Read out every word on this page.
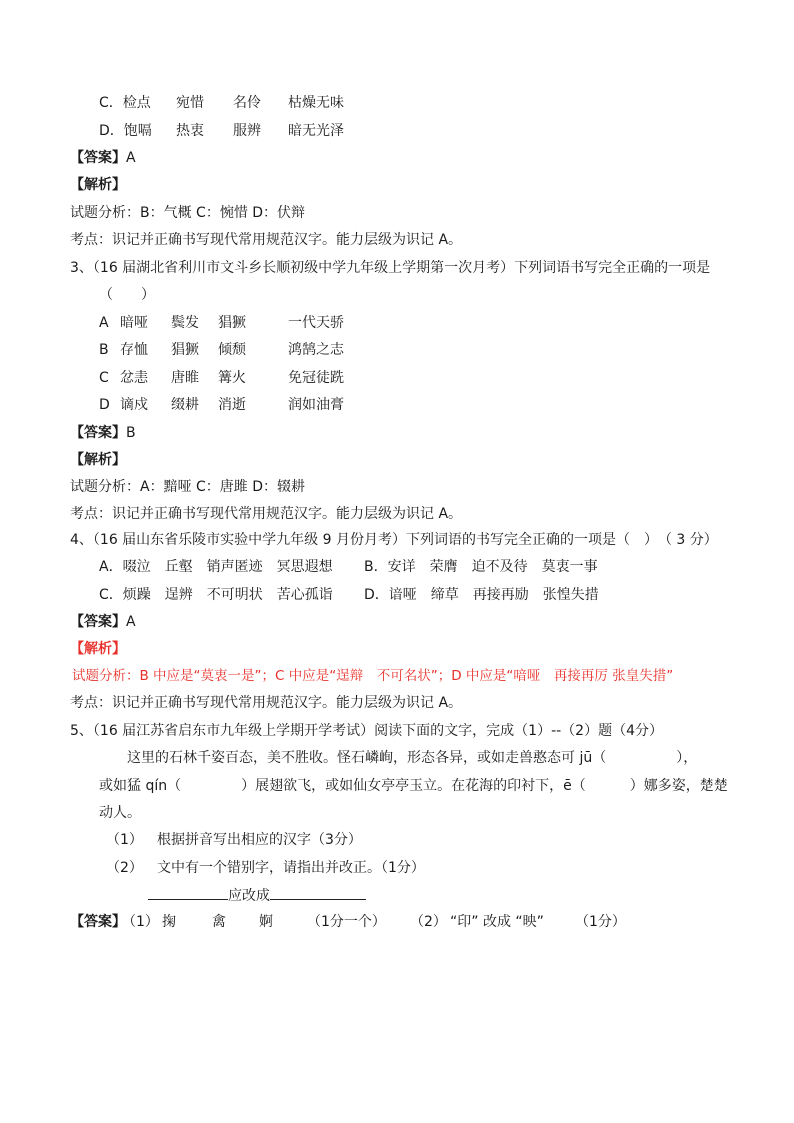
C．检点 宛惜 名伶 枯燥无味
D．饱嗝 热衷 服辨 暗无光泽
【答案】A
【解析】
试题分析：B：气概 C：惋惜 D：伏辩
考点：识记并正确书写现代常用规范汉字。能力层级为识记 A。
3、（16 届湖北省利川市文斗乡长顺初级中学九年级上学期第一次月考）下列词语书写完全正确的一项是
（　　）
A 暗哑 鬓发 猖獗	一代天骄
B 存恤 猖獗 倾颓	鸿鹄之志
C 忿恚 唐睢 篝火	免冠徒跣
D 谪戍 缀耕 消逝	润如油膏
【答案】B
【解析】
试题分析：A：黯哑 C：唐雎 D：辍耕
考点：识记并正确书写现代常用规范汉字。能力层级为识记 A。
4、（16 届山东省乐陵市实验中学九年级 9 月份月考）下列词语的书写完全正确的一项是（　）　（ 3 分）
A．啜泣　丘壑　销声匿迹　冥思遐想 B．安详　荣膺　迫不及待　莫衷一事
C．烦躁　逞辨　不可明状　苦心孤诣 D．谙哑　缔草　再接再励　张惶失措
【答案】A
【解析】
试题分析：B 中应是“莫衷一是”；C 中应是“逞辩　不可名状”；D 中应是“喑哑　再接再厉 张皇失措”
考点：识记并正确书写现代常用规范汉字。能力层级为识记 A。
5、（16 届江苏省启东市九年级上学期开学考试）阅读下面的文字，完成（1）--（2）题（4分）
这里的石林千姿百态，美不胜收。怪石嶙峋，形态各异，或如走兽憨态可 jū（	），
或如猛 qín（	）展翅欲飞，或如仙女亭亭玉立。在花海的印衬下，ē（	）娜多姿，楚楚
动人。
（1） 根据拼音写出相应的汉字（3分）
（2） 文中有一个错别字，请指出并改正。（1分）
应改成
【答案】
（1） 掬	禽 婀 （1分一个） （2） “印” 改成 “映” （1分）
